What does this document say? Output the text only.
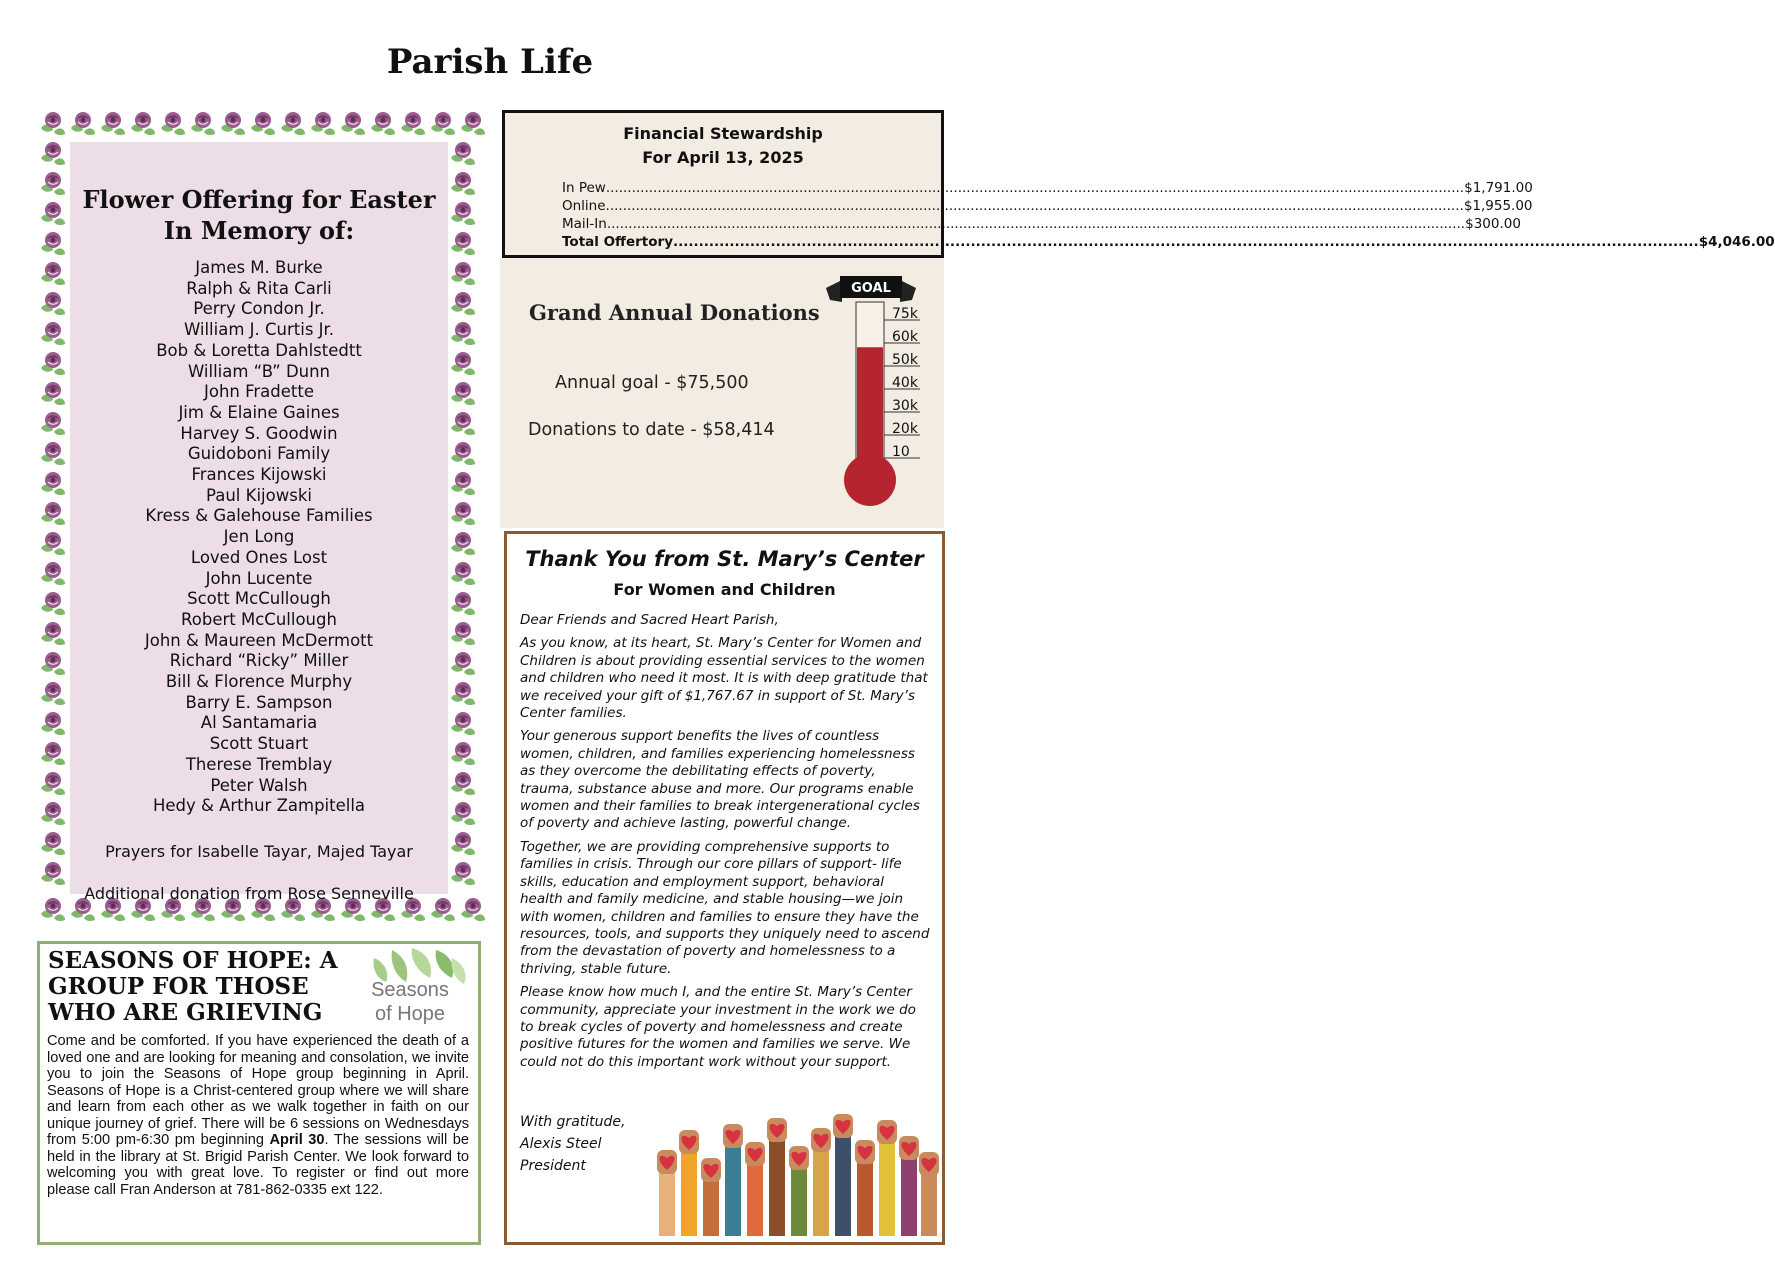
Parish Life
Flower Offering for Easter
In Memory of:
James M. Burke
Ralph & Rita Carli
Perry Condon Jr.
William J. Curtis Jr.
Bob & Loretta Dahlstedtt
William “B” Dunn
John Fradette
Jim & Elaine Gaines
Harvey S. Goodwin
Guidoboni Family
Frances Kijowski
Paul Kijowski
Kress & Galehouse Families
Jen Long
Loved Ones Lost
John Lucente
Scott McCullough
Robert McCullough
John & Maureen McDermott
Richard “Ricky” Miller
Bill & Florence Murphy
Barry E. Sampson
Al Santamaria
Scott Stuart
Therese Tremblay
Peter Walsh
Hedy & Arthur Zampitella
Prayers for Isabelle Tayar, Majed Tayar
Additional donation from Rose Senneville
SEASONS OF HOPE: A GROUP FOR THOSE WHO ARE GRIEVING
Seasons
of Hope
Come and be comforted. If you have experienced the death of a loved one and are looking for meaning and consolation, we invite you to join the Seasons of Hope group beginning in April. Seasons of Hope is a Christ-centered group where we will share and learn from each other as we walk together in faith on our unique journey of grief. There will be 6 sessions on Wednesdays from 5:00 pm-6:30 pm beginning April 30. The sessions will be held in the library at St. Brigid Parish Center. We look forward to welcoming you with great love. To register or find out more please call Fran Anderson at 781-862-0335 ext 122.
Financial Stewardship
For April 13, 2025
In Pew ........................................................................................................................................................................................................ $1,791.00
Online ........................................................................................................................................................................................................ $1,955.00
Mail-In ........................................................................................................................................................................................................ $300.00
Total Offertory ........................................................................................................................................................................................................ $4,046.00
Grand Annual Donations
Annual goal - $75,500
Donations to date - $58,414
GOAL
75k
60k
50k
40k
30k
20k
10
Thank You from St. Mary’s Center
For Women and Children

Dear Friends and Sacred Heart Parish,

As you know, at its heart, St. Mary’s Center for Women and Children is about providing essential services to the women and children who need it most. It is with deep gratitude that we received your gift of $1,767.67 in support of St. Mary’s Center families.

Your generous support benefits the lives of countless women, children, and families experiencing homelessness as they overcome the debilitating effects of poverty, trauma, substance abuse and more. Our programs enable women and their families to break intergenerational cycles of poverty and achieve lasting, powerful change.

Together, we are providing comprehensive supports to families in crisis. Through our core pillars of support- life skills, education and employment support, behavioral health and family medicine, and stable housing—we join with women, children and families to ensure they have the resources, tools, and supports they uniquely need to ascend from the devastation of poverty and homelessness to a thriving, stable future.

Please know how much I, and the entire St. Mary’s Center community, appreciate your investment in the work we do to break cycles of poverty and homelessness and create positive futures for the women and families we serve. We could not do this important work without your support.

With gratitude,
Alexis Steel
President
